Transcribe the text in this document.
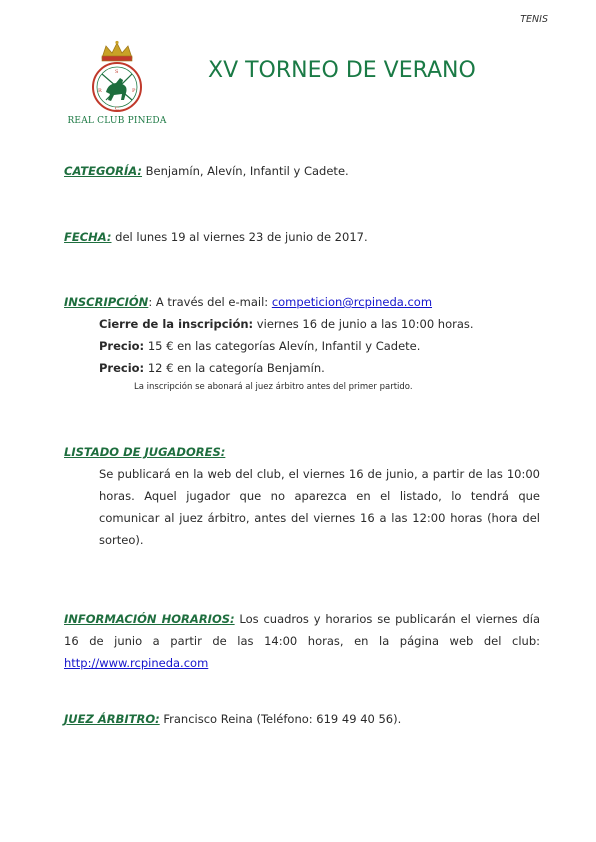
TENIS
S
R
C
P
REAL CLUB PINEDA
XV TORNEO DE VERANO
CATEGORÍA: Benjamín, Alevín, Infantil y Cadete.
FECHA: del lunes 19 al viernes 23 de junio de 2017.
INSCRIPCIÓN: A través del e-mail: competicion@rcpineda.com
Cierre de la inscripción: viernes 16 de junio a las 10:00 horas.
Precio: 15 € en las categorías Alevín, Infantil y Cadete.
Precio: 12 € en la categoría Benjamín.
La inscripción se abonará al juez árbitro antes del primer partido.
LISTADO DE JUGADORES:
Se publicará en la web del club, el viernes 16 de junio, a partir de las 10:00 horas. Aquel jugador que no aparezca en el listado, lo tendrá que comunicar al juez árbitro, antes del viernes 16 a las 12:00 horas (hora del sorteo).
INFORMACIÓN HORARIOS: Los cuadros y horarios se publicarán el viernes día 16 de junio a partir de las 14:00 horas, en la página web del club: http://www.rcpineda.com
JUEZ ÁRBITRO: Francisco Reina (Teléfono: 619 49 40 56).
